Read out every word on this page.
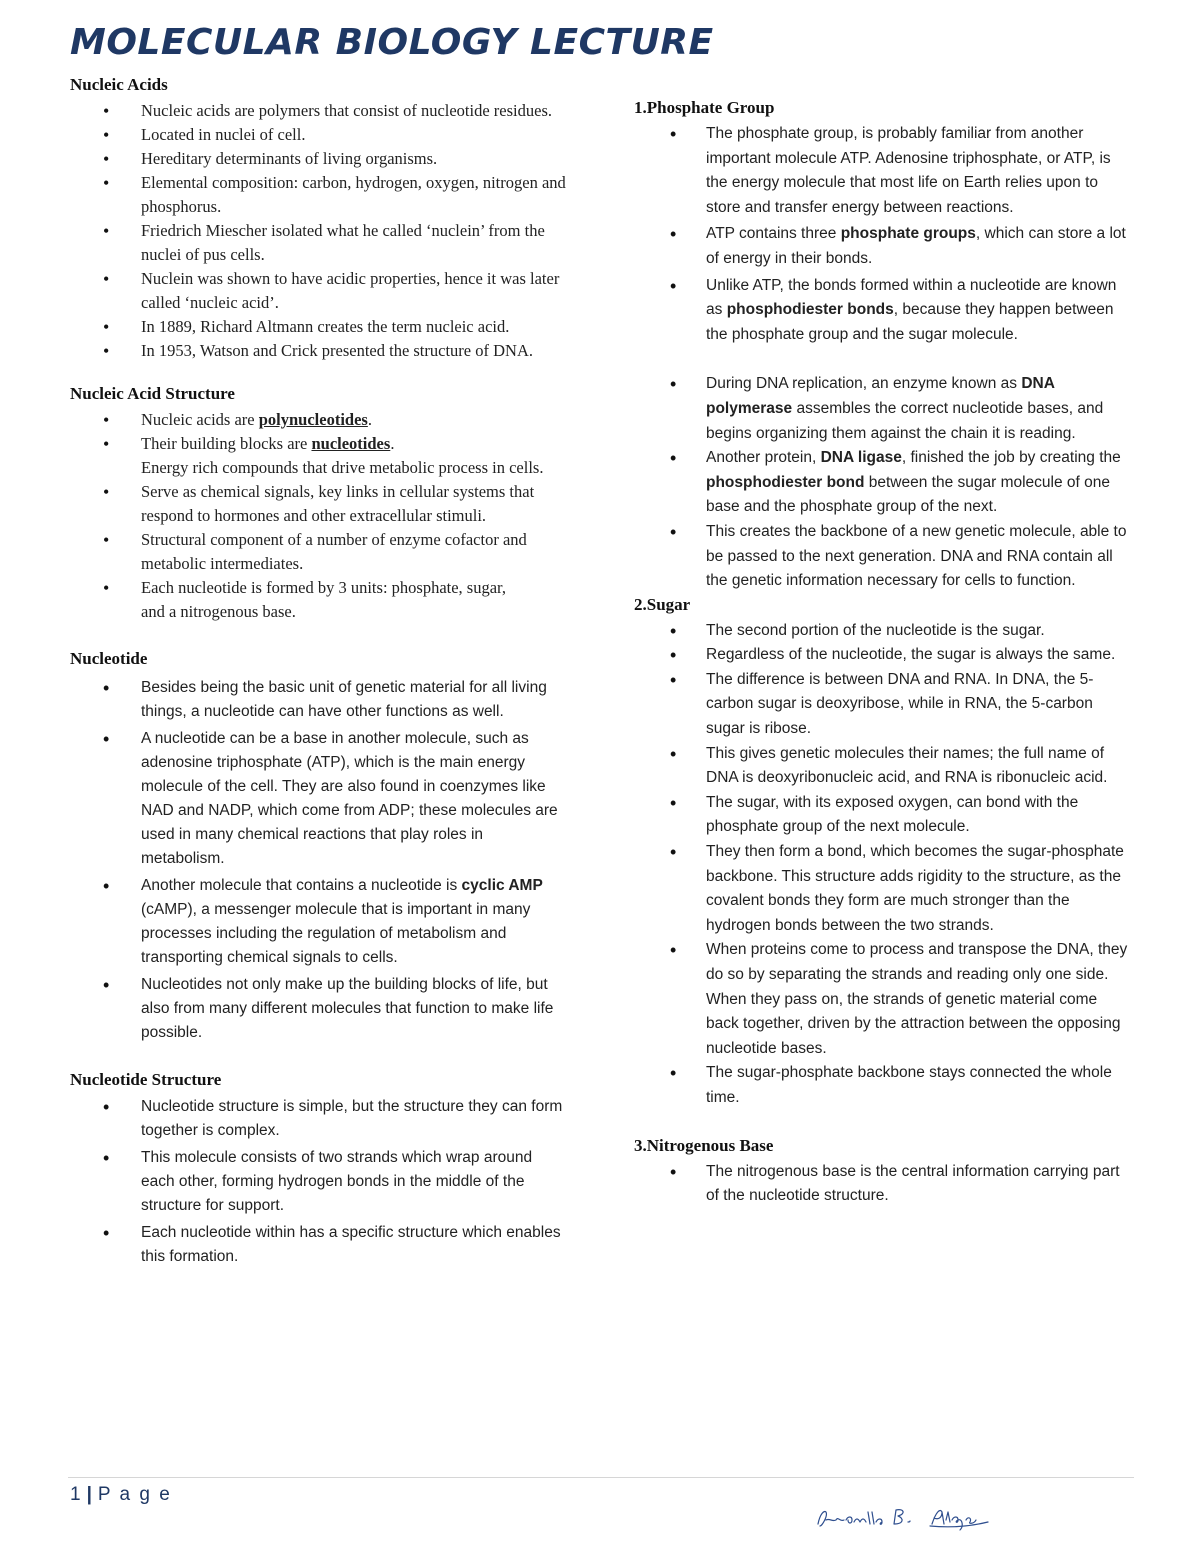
MOLECULAR BIOLOGY LECTURE
Nucleic Acids
• Nucleic acids are polymers that consist of nucleotide residues.
• Located in nuclei of cell.
• Hereditary determinants of living organisms.
• Elemental composition: carbon, hydrogen, oxygen, nitrogen and phosphorus.
• Friedrich Miescher isolated what he called ‘nuclein’ from the nuclei of pus cells.
• Nuclein was shown to have acidic properties, hence it was later called ‘nucleic acid’.
• In 1889, Richard Altmann creates the term nucleic acid.
• In 1953, Watson and Crick presented the structure of DNA.
Nucleic Acid Structure
• Nucleic acids are polynucleotides.
• Their building blocks are nucleotides.
Energy rich compounds that drive metabolic process in cells.
• Serve as chemical signals, key links in cellular systems that respond to hormones and other extracellular stimuli.
• Structural component of a number of enzyme cofactor and metabolic intermediates.
• Each nucleotide is formed by 3 units: phosphate, sugar, and a nitrogenous base.
Nucleotide
• Besides being the basic unit of genetic material for all living things, a nucleotide can have other functions as well.
• A nucleotide can be a base in another molecule, such as adenosine triphosphate (ATP), which is the main energy molecule of the cell. They are also found in coenzymes like NAD and NADP, which come from ADP; these molecules are used in many chemical reactions that play roles in metabolism.
• Another molecule that contains a nucleotide is cyclic AMP (cAMP), a messenger molecule that is important in many processes including the regulation of metabolism and transporting chemical signals to cells.
• Nucleotides not only make up the building blocks of life, but also from many different molecules that function to make life possible.
Nucleotide Structure
• Nucleotide structure is simple, but the structure they can form together is complex.
• This molecule consists of two strands which wrap around each other, forming hydrogen bonds in the middle of the structure for support.
• Each nucleotide within has a specific structure which enables this formation.
1.Phosphate Group
• The phosphate group, is probably familiar from another important molecule ATP. Adenosine triphosphate, or ATP, is the energy molecule that most life on Earth relies upon to store and transfer energy between reactions.
• ATP contains three phosphate groups, which can store a lot of energy in their bonds.
• Unlike ATP, the bonds formed within a nucleotide are known as phosphodiester bonds, because they happen between the phosphate group and the sugar molecule.
• During DNA replication, an enzyme known as DNA polymerase assembles the correct nucleotide bases, and begins organizing them against the chain it is reading.
• Another protein, DNA ligase, finished the job by creating the phosphodiester bond between the sugar molecule of one base and the phosphate group of the next.
• This creates the backbone of a new genetic molecule, able to be passed to the next generation. DNA and RNA contain all the genetic information necessary for cells to function.
2.Sugar
• The second portion of the nucleotide is the sugar.
• Regardless of the nucleotide, the sugar is always the same.
• The difference is between DNA and RNA. In DNA, the 5-carbon sugar is deoxyribose, while in RNA, the 5-carbon sugar is ribose.
• This gives genetic molecules their names; the full name of DNA is deoxyribonucleic acid, and RNA is ribonucleic acid.
• The sugar, with its exposed oxygen, can bond with the phosphate group of the next molecule.
• They then form a bond, which becomes the sugar-phosphate backbone. This structure adds rigidity to the structure, as the covalent bonds they form are much stronger than the hydrogen bonds between the two strands.
• When proteins come to process and transpose the DNA, they do so by separating the strands and reading only one side. When they pass on, the strands of genetic material come back together, driven by the attraction between the opposing nucleotide bases.
• The sugar-phosphate backbone stays connected the whole time.
3.Nitrogenous Base
• The nitrogenous base is the central information carrying part of the nucleotide structure.
1 | P a g e
